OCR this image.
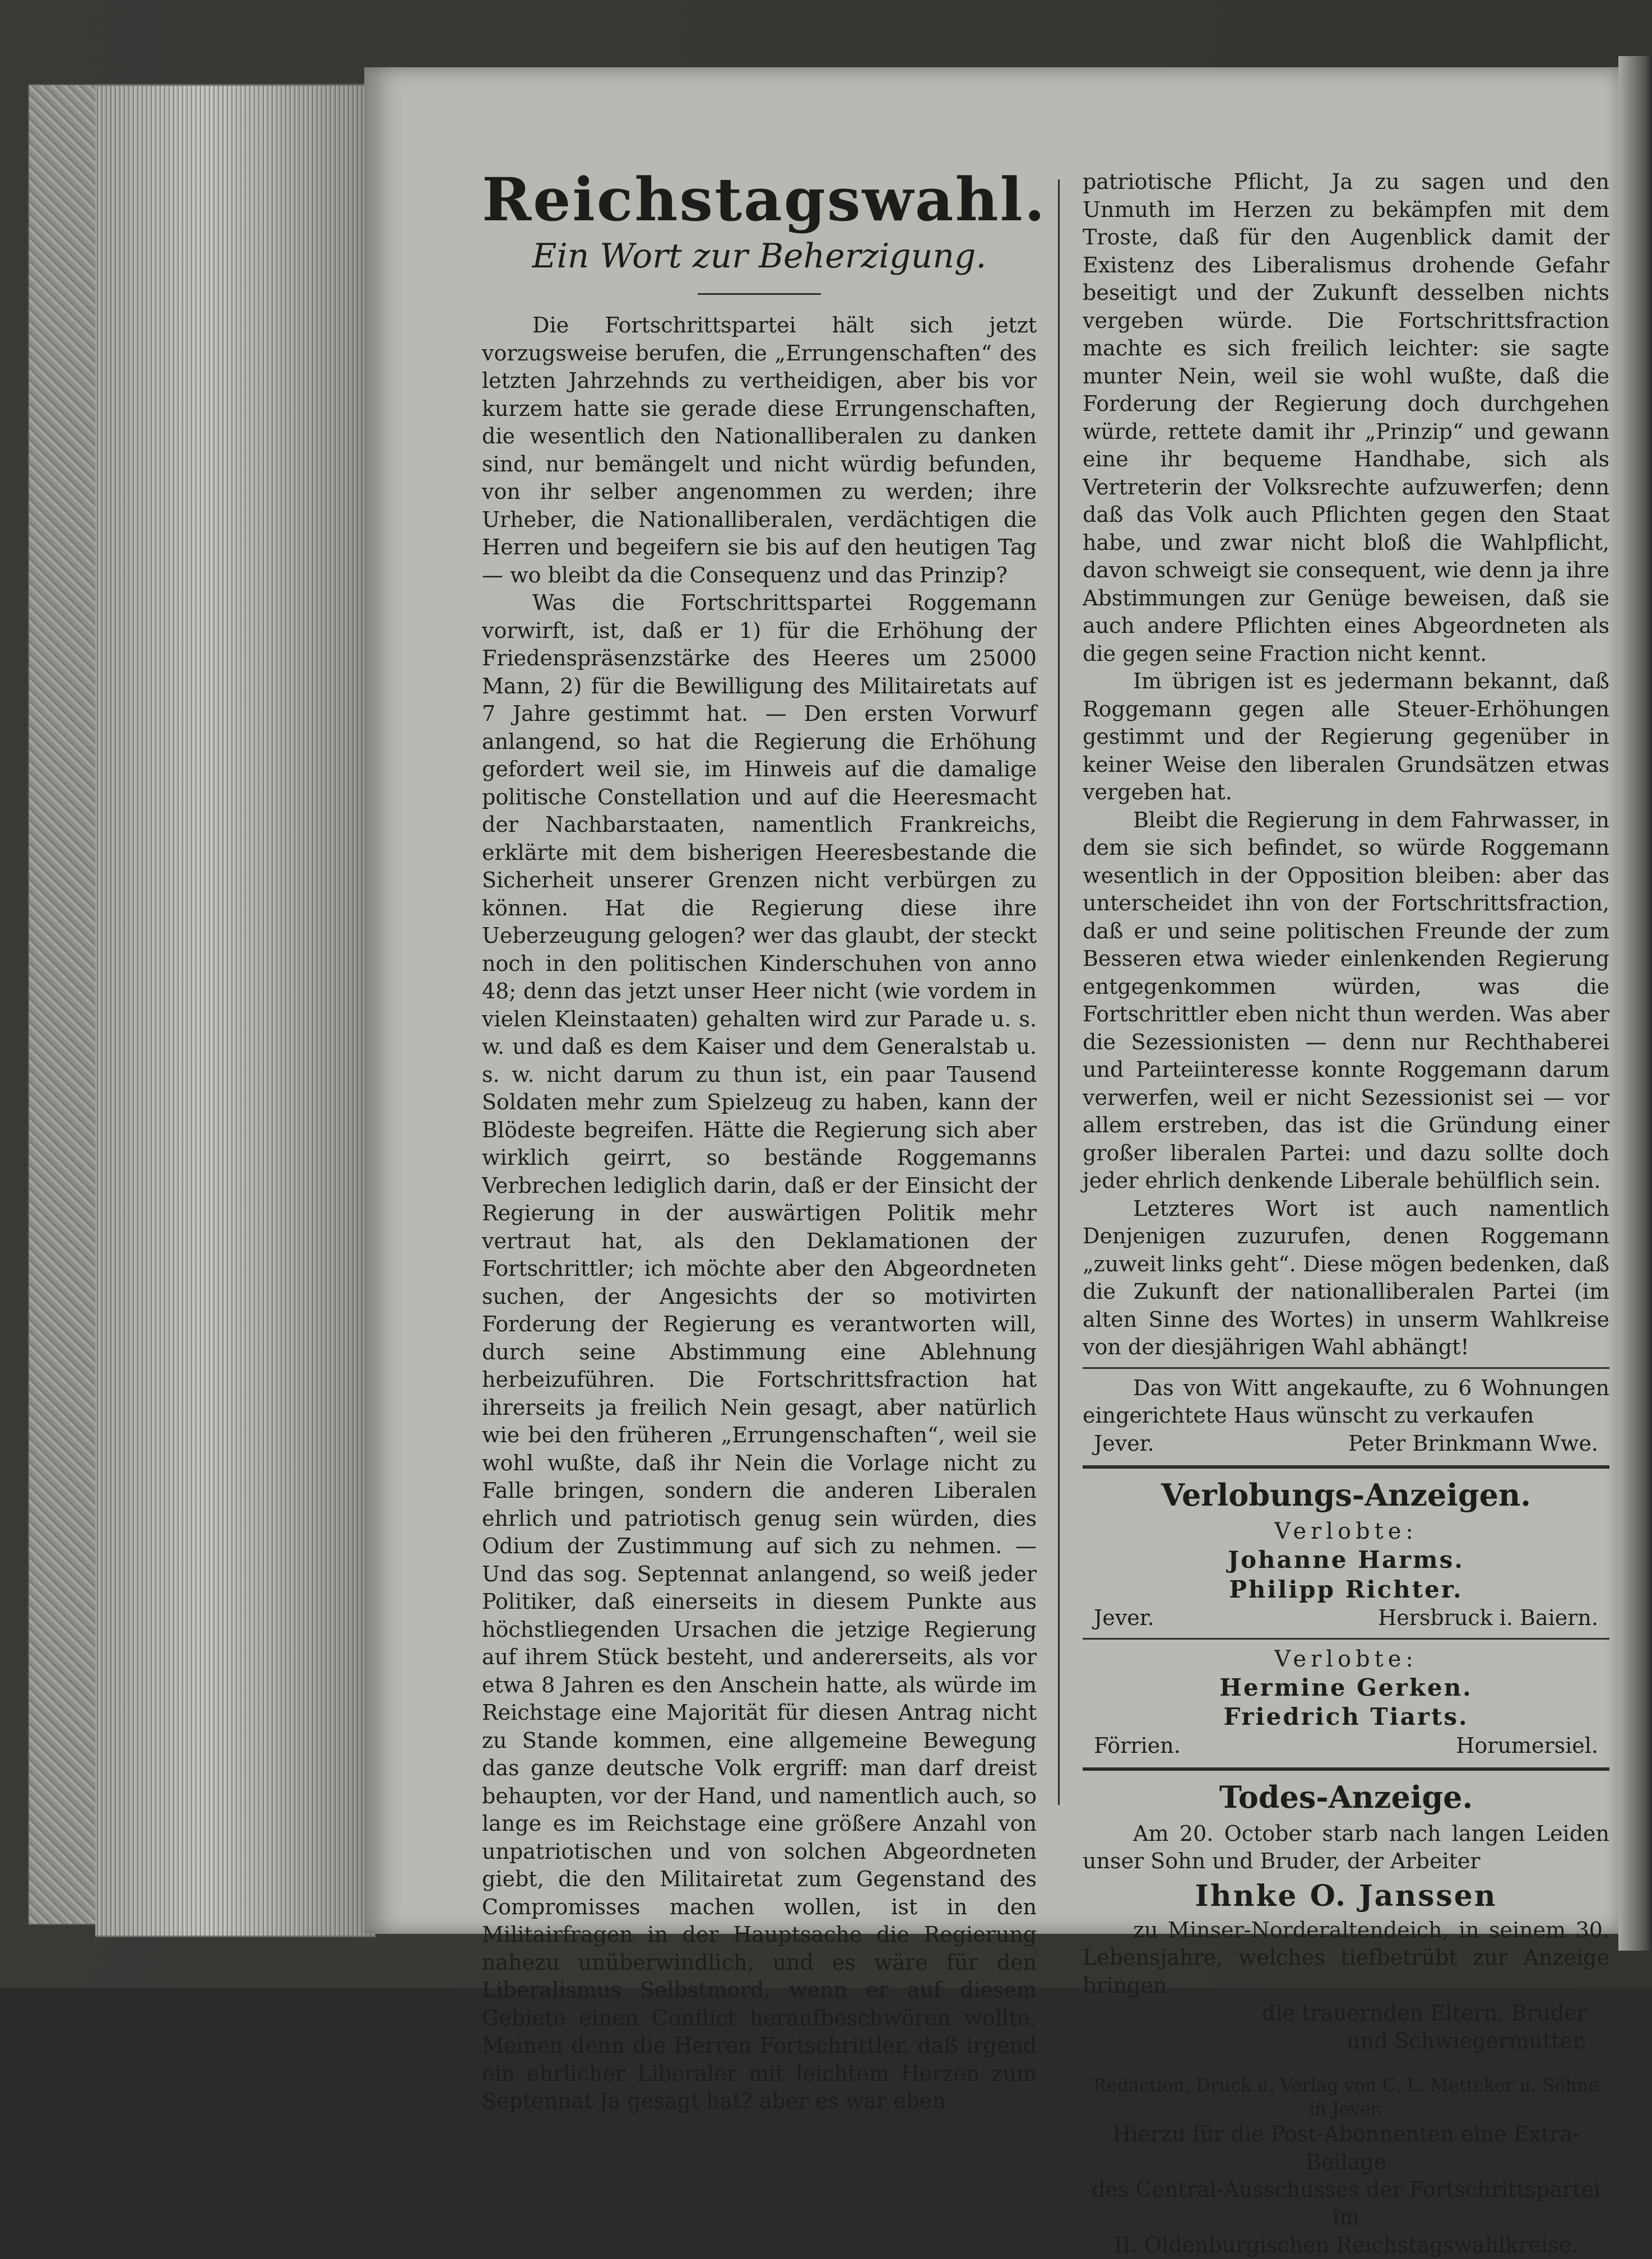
Reichstagswahl.
Ein Wort zur Beherzigung.

Die Fortschrittspartei hält sich jetzt vorzugsweise berufen, die „Errungenschaften“ des letzten Jahrzehnds zu vertheidigen, aber bis vor kurzem hatte sie gerade diese Errungenschaften, die wesentlich den Nationalliberalen zu danken sind, nur bemängelt und nicht würdig befunden, von ihr selber angenommen zu werden; ihre Urheber, die Nationalliberalen, verdächtigen die Herren und begeifern sie bis auf den heutigen Tag — wo bleibt da die Consequenz und das Prinzip?

Was die Fortschrittspartei Roggemann vorwirft, ist, daß er 1) für die Erhöhung der Friedenspräsenzstärke des Heeres um 25000 Mann, 2) für die Bewilligung des Militairetats auf 7 Jahre gestimmt hat. — Den ersten Vorwurf anlangend, so hat die Regierung die Erhöhung gefordert weil sie, im Hinweis auf die damalige politische Constellation und auf die Heeresmacht der Nachbarstaaten, namentlich Frankreichs, erklärte mit dem bisherigen Heeresbestande die Sicherheit unserer Grenzen nicht verbürgen zu können. Hat die Regierung diese ihre Ueberzeugung gelogen? wer das glaubt, der steckt noch in den politischen Kinderschuhen von anno 48; denn das jetzt unser Heer nicht (wie vordem in vielen Kleinstaaten) gehalten wird zur Parade u. s. w. und daß es dem Kaiser und dem Generalstab u. s. w. nicht darum zu thun ist, ein paar Tausend Soldaten mehr zum Spielzeug zu haben, kann der Blödeste begreifen. Hätte die Regierung sich aber wirklich geirrt, so bestände Roggemanns Verbrechen lediglich darin, daß er der Einsicht der Regierung in der auswärtigen Politik mehr vertraut hat, als den Deklamationen der Fortschrittler; ich möchte aber den Abgeordneten suchen, der Angesichts der so motivirten Forderung der Regierung es verantworten will, durch seine Abstimmung eine Ablehnung herbeizuführen. Die Fortschrittsfraction hat ihrerseits ja freilich Nein gesagt, aber natürlich wie bei den früheren „Errungenschaften“, weil sie wohl wußte, daß ihr Nein die Vorlage nicht zu Falle bringen, sondern die anderen Liberalen ehrlich und patriotisch genug sein würden, dies Odium der Zustimmung auf sich zu nehmen. — Und das sog. Septennat anlangend, so weiß jeder Politiker, daß einerseits in diesem Punkte aus höchstliegenden Ursachen die jetzige Regierung auf ihrem Stück besteht, und andererseits, als vor etwa 8 Jahren es den Anschein hatte, als würde im Reichstage eine Majorität für diesen Antrag nicht zu Stande kommen, eine allgemeine Bewegung das ganze deutsche Volk ergriff: man darf dreist behaupten, vor der Hand, und namentlich auch, so lange es im Reichstage eine größere Anzahl von unpatriotischen und von solchen Abgeordneten giebt, die den Militairetat zum Gegenstand des Compromisses machen wollen, ist in den Militairfragen in der Hauptsache die Regierung nahezu unüberwindlich, und es wäre für den Liberalismus Selbstmord, wenn er auf diesem Gebiete einen Conflict heraufbeschwören wollte. Meinen denn die Herren Fortschrittler, daß irgend ein ehrlicher Liberaler mit leichtem Herzen zum Septennat Ja gesagt hat? aber es war eben

patriotische Pflicht, Ja zu sagen und den Unmuth im Herzen zu bekämpfen mit dem Troste, daß für den Augenblick damit der Existenz des Liberalismus drohende Gefahr beseitigt und der Zukunft desselben nichts vergeben würde. Die Fortschrittsfraction machte es sich freilich leichter: sie sagte munter Nein, weil sie wohl wußte, daß die Forderung der Regierung doch durchgehen würde, rettete damit ihr „Prinzip“ und gewann eine ihr bequeme Handhabe, sich als Vertreterin der Volksrechte aufzuwerfen; denn daß das Volk auch Pflichten gegen den Staat habe, und zwar nicht bloß die Wahlpflicht, davon schweigt sie consequent, wie denn ja ihre Abstimmungen zur Genüge beweisen, daß sie auch andere Pflichten eines Abgeordneten als die gegen seine Fraction nicht kennt.

Im übrigen ist es jedermann bekannt, daß Roggemann gegen alle Steuer-Erhöhungen gestimmt und der Regierung gegenüber in keiner Weise den liberalen Grundsätzen etwas vergeben hat.

Bleibt die Regierung in dem Fahrwasser, in dem sie sich befindet, so würde Roggemann wesentlich in der Opposition bleiben: aber das unterscheidet ihn von der Fortschrittsfraction, daß er und seine politischen Freunde der zum Besseren etwa wieder einlenkenden Regierung entgegenkommen würden, was die Fortschrittler eben nicht thun werden. Was aber die Sezessionisten — denn nur Rechthaberei und Parteiinteresse konnte Roggemann darum verwerfen, weil er nicht Sezessionist sei — vor allem erstreben, das ist die Gründung einer großer liberalen Partei: und dazu sollte doch jeder ehrlich denkende Liberale behülflich sein.

Letzteres Wort ist auch namentlich Denjenigen zuzurufen, denen Roggemann „zuweit links geht“. Diese mögen bedenken, daß die Zukunft der nationalliberalen Partei (im alten Sinne des Wortes) in unserm Wahlkreise von der diesjährigen Wahl abhängt!

Das von Witt angekaufte, zu 6 Wohnungen eingerichtete Haus wünscht zu verkaufen

Jever.	Peter Brinkmann Wwe.
Verlobungs-Anzeigen.

Verlobte:

Johanne Harms.

Philipp Richter.

Jever.	Hersbruck i. Baiern.

Verlobte:

Hermine Gerken.

Friedrich Tiarts.

Förrien.	Horumersiel.
Todes-Anzeige.

Am 20. October starb nach langen Leiden unser Sohn und Bruder, der Arbeiter

Ihnke O. Janssen

zu Minser-Norderaltendeich, in seinem 30. Lebensjahre, welches tiefbetrübt zur Anzeige bringen

die trauernden Eltern, Bruder

und Schwiegermutter.

Redaction, Druck u. Verlag von C. L. Mettcker u. Söhne in Jever.

Hierzu für die Post-Abonnenten eine Extra-Beilage

des Central-Ausschusses der Fortschrittspartei im

II. Oldenburgischen Reichstagswahlkreise.
